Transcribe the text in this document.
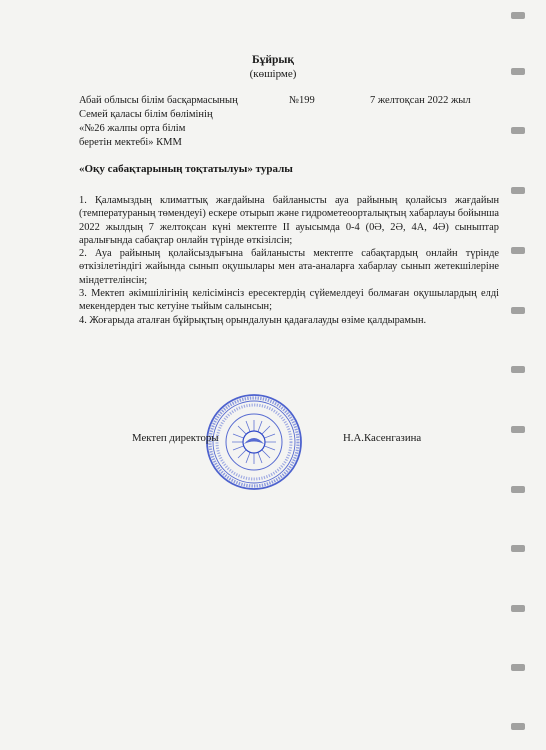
Бұйрық
(көшірме)
Абай облысы білім басқармасының
Семей қаласы білім бөлімінің
«№26 жалпы орта білім
беретін мектебі» КММ
№199	7 желтоқсан 2022 жыл
«Оқу сабақтарының тоқтатылуы» туралы

1. Қаламыздың климаттық жағдайына байланысты ауа райының қолайсыз жағдайын (температураның төмендеуі) ескере отырып және гидрометеоорталықтың хабарлауы бойынша 2022 жылдың 7 желтоқсан күні мектепте II ауысымда 0-4 (0Ә, 2Ә, 4А, 4Ә) сыныптар аралығында сабақтар онлайн түрінде өткізілсін;

2. Ауа райының қолайсыздығына байланысты мектепте сабақтардың онлайн түрінде өткізілетіндігі жайында сынып оқушылары мен ата-аналарға хабарлау сынып жетекшілеріне міндеттелінсін;

3. Мектеп әкімшілігінің келісімінсіз ересектердің сүйемелдеуі болмаған оқушылардың елді мекендерден тыс кетуіне тыйым салынсын;

4. Жоғарыда аталған бұйрықтың орындалуын қадағалауды өзіме қалдырамын.

Мектеп директоры	Н.А.Касенгазина
